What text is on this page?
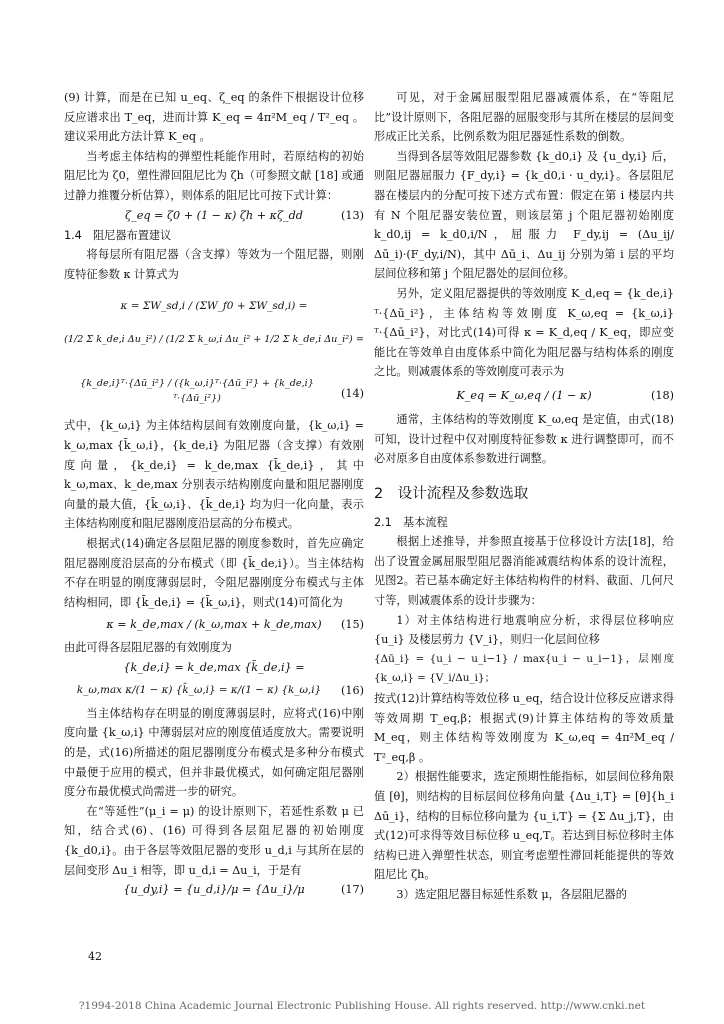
(9) 计算，而是在已知 u_eq、ζ_eq 的条件下根据设计位移反应谱求出 T_eq，进而计算 K_eq = 4π²M_eq / T²_eq 。建议采用此方法计算 K_eq 。

当考虑主体结构的弹塑性耗能作用时，若原结构的初始阻尼比为 ζ0，塑性滞回阻尼比为 ζh（可参照文献 [18] 或通过静力推覆分析估算），则体系的阻尼比可按下式计算：

ζ_eq = ζ0 + (1 − κ) ζh + κζ_dd	(13)

1.4　阻尼器布置建议

将每层所有阻尼器（含支撑）等效为一个阻尼器，则刚度特征参数 κ 计算式为

κ = ΣW_sd,i / (ΣW_f0 + ΣW_sd,i) =
(1/2 Σ k_de,i Δu_i²) / (1/2 Σ k_ω,i Δu_i² + 1/2 Σ k_de,i Δu_i²) =
{k_de,i}ᵀ·{Δū_i²} / ({k_ω,i}ᵀ·{Δū_i²} + {k_de,i}ᵀ·{Δū_i²})	(14)

式中，{k_ω,i} 为主体结构层间有效刚度向量，{k_ω,i} = k_ω,max {k̄_ω,i}，{k_de,i} 为阻尼器（含支撑）有效刚度向量，{k_de,i} = k_de,max {k̄_de,i}，其中 k_ω,max、k_de,max 分别表示结构刚度向量和阻尼器刚度向量的最大值，{k̄_ω,i}、{k̄_de,i} 均为归一化向量，表示主体结构刚度和阻尼器刚度沿层高的分布模式。

根据式(14)确定各层阻尼器的刚度参数时，首先应确定阻尼器刚度沿层高的分布模式（即 {k̄_de,i}）。当主体结构不存在明显的刚度薄弱层时，令阻尼器刚度分布模式与主体结构相同，即 {k̄_de,i} = {k̄_ω,i}，则式(14)可简化为

κ = k_de,max / (k_ω,max + k_de,max) (15)

由此可得各层阻尼器的有效刚度为

{k_de,i} = k_de,max {k̄_de,i} =
k_ω,max κ/(1 − κ) {k̄_ω,i} = κ/(1 − κ) {k_ω,i} (16)

当主体结构存在明显的刚度薄弱层时，应将式(16)中刚度向量 {k_ω,i} 中薄弱层对应的刚度值适度放大。需要说明的是，式(16)所描述的阻尼器刚度分布模式是多种分布模式中最便于应用的模式，但并非最优模式，如何确定阻尼器刚度分布最优模式尚需进一步的研究。

在“等延性”(μ_i = μ) 的设计原则下，若延性系数 μ 已知，结合式(6)、(16) 可得到各层阻尼器的初始刚度 {k_d0,i}。由于各层等效阻尼器的变形 u_d,i 与其所在层的层间变形 Δu_i 相等，即 u_d,i = Δu_i，于是有

{u_dy,i} = {u_d,i}/μ = {Δu_i}/μ	(17)

可见，对于金属屈服型阻尼器减震体系，在“等阻尼比”设计原则下，各阻尼器的屈服变形与其所在楼层的层间变形成正比关系，比例系数为阻尼器延性系数的倒数。

当得到各层等效阻尼器参数 {k_d0,i} 及 {u_dy,i} 后，则阻尼器屈服力 {F_dy,i} = {k_d0,i · u_dy,i}。各层阻尼器在楼层内的分配可按下述方式布置：假定在第 i 楼层内共有 N 个阻尼器安装位置，则该层第 j 个阻尼器初始刚度 k_d0,ij = k_d0,i/N，屈服力 F_dy,ij = (Δu_ij/Δū_i)·(F_dy,i/N)，其中 Δū_i、Δu_ij 分别为第 i 层的平均层间位移和第 j 个阻尼器处的层间位移。

另外，定义阻尼器提供的等效刚度 K_d,eq = {k_de,i}ᵀ·{Δū_i²}，主体结构等效刚度 K_ω,eq = {k_ω,i}ᵀ·{Δū_i²}，对比式(14)可得 κ = K_d,eq / K_eq，即应变能比在等效单自由度体系中简化为阻尼器与结构体系的刚度之比。则减震体系的等效刚度可表示为

K_eq = K_ω,eq / (1 − κ)	(18)

通常，主体结构的等效刚度 K_ω,eq 是定值，由式(18)可知，设计过程中仅对刚度特征参数 κ 进行调整即可，而不必对原多自由度体系参数进行调整。

2　设计流程及参数选取

2.1　基本流程

根据上述推导，并参照直接基于位移设计方法[18]，给出了设置金属屈服型阻尼器消能减震结构体系的设计流程，见图2。若已基本确定好主体结构构件的材料、截面、几何尺寸等，则减震体系的设计步骤为：

1）对主体结构进行地震响应分析，求得层位移响应 {u_i} 及楼层剪力 {V_i}，则归一化层间位移

{Δū_i} = {u_i − u_i−1} / max{u_i − u_i−1}，层刚度 {k_ω,i} = {V_i/Δu_i}；

按式(12)计算结构等效位移 u_eq，结合设计位移反应谱求得等效周期 T_eq,β；根据式(9)计算主体结构的等效质量 M_eq，则主体结构等效刚度为 K_ω,eq = 4π²M_eq / T²_eq,β 。

2）根据性能要求，选定预期性能指标，如层间位移角限值 [θ]，则结构的目标层间位移角向量 {Δu_i,T} = [θ]{h_i Δū_i}，结构的目标位移向量为 {u_i,T} = {Σ Δu_j,T}，由式(12)可求得等效目标位移 u_eq,T。若达到目标位移时主体结构已进入弹塑性状态，则宜考虑塑性滞回耗能提供的等效阻尼比 ζh。

3）选定阻尼器目标延性系数 μ，各层阻尼器的

42
?1994-2018 China Academic Journal Electronic Publishing House. All rights reserved. http://www.cnki.net
